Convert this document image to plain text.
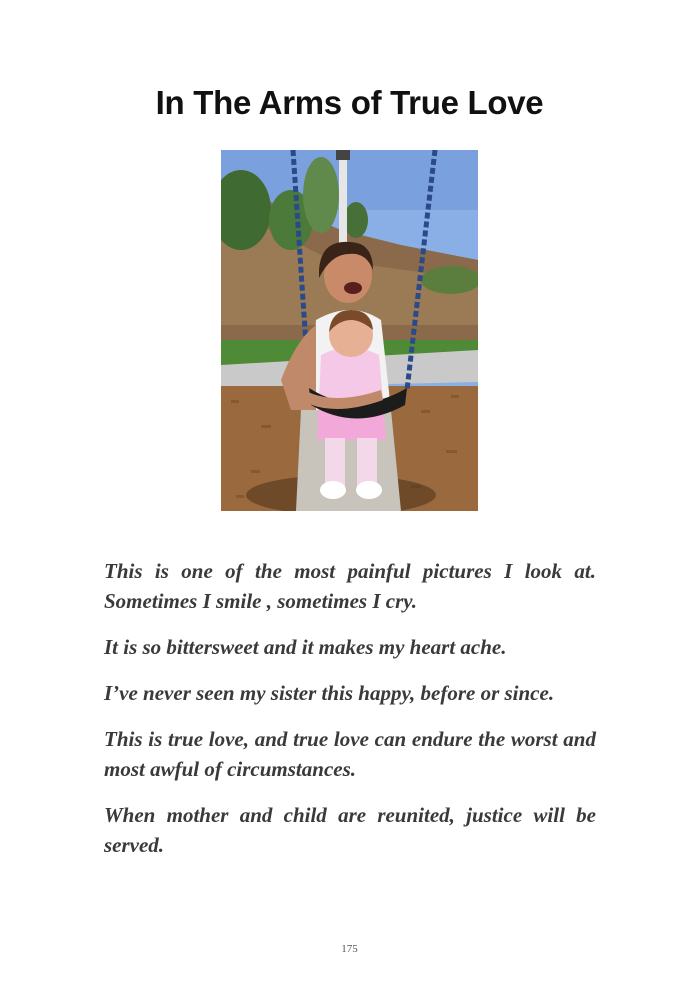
In The Arms of True Love

This is one of the most painful pictures I look at. Sometimes I smile , sometimes I cry.

It is so bittersweet and it makes my heart ache.

I’ve never seen my sister this happy, before or since.

This is true love, and true love can endure the worst and most awful of circumstances.

When mother and child are reunited, justice will be served.

175
